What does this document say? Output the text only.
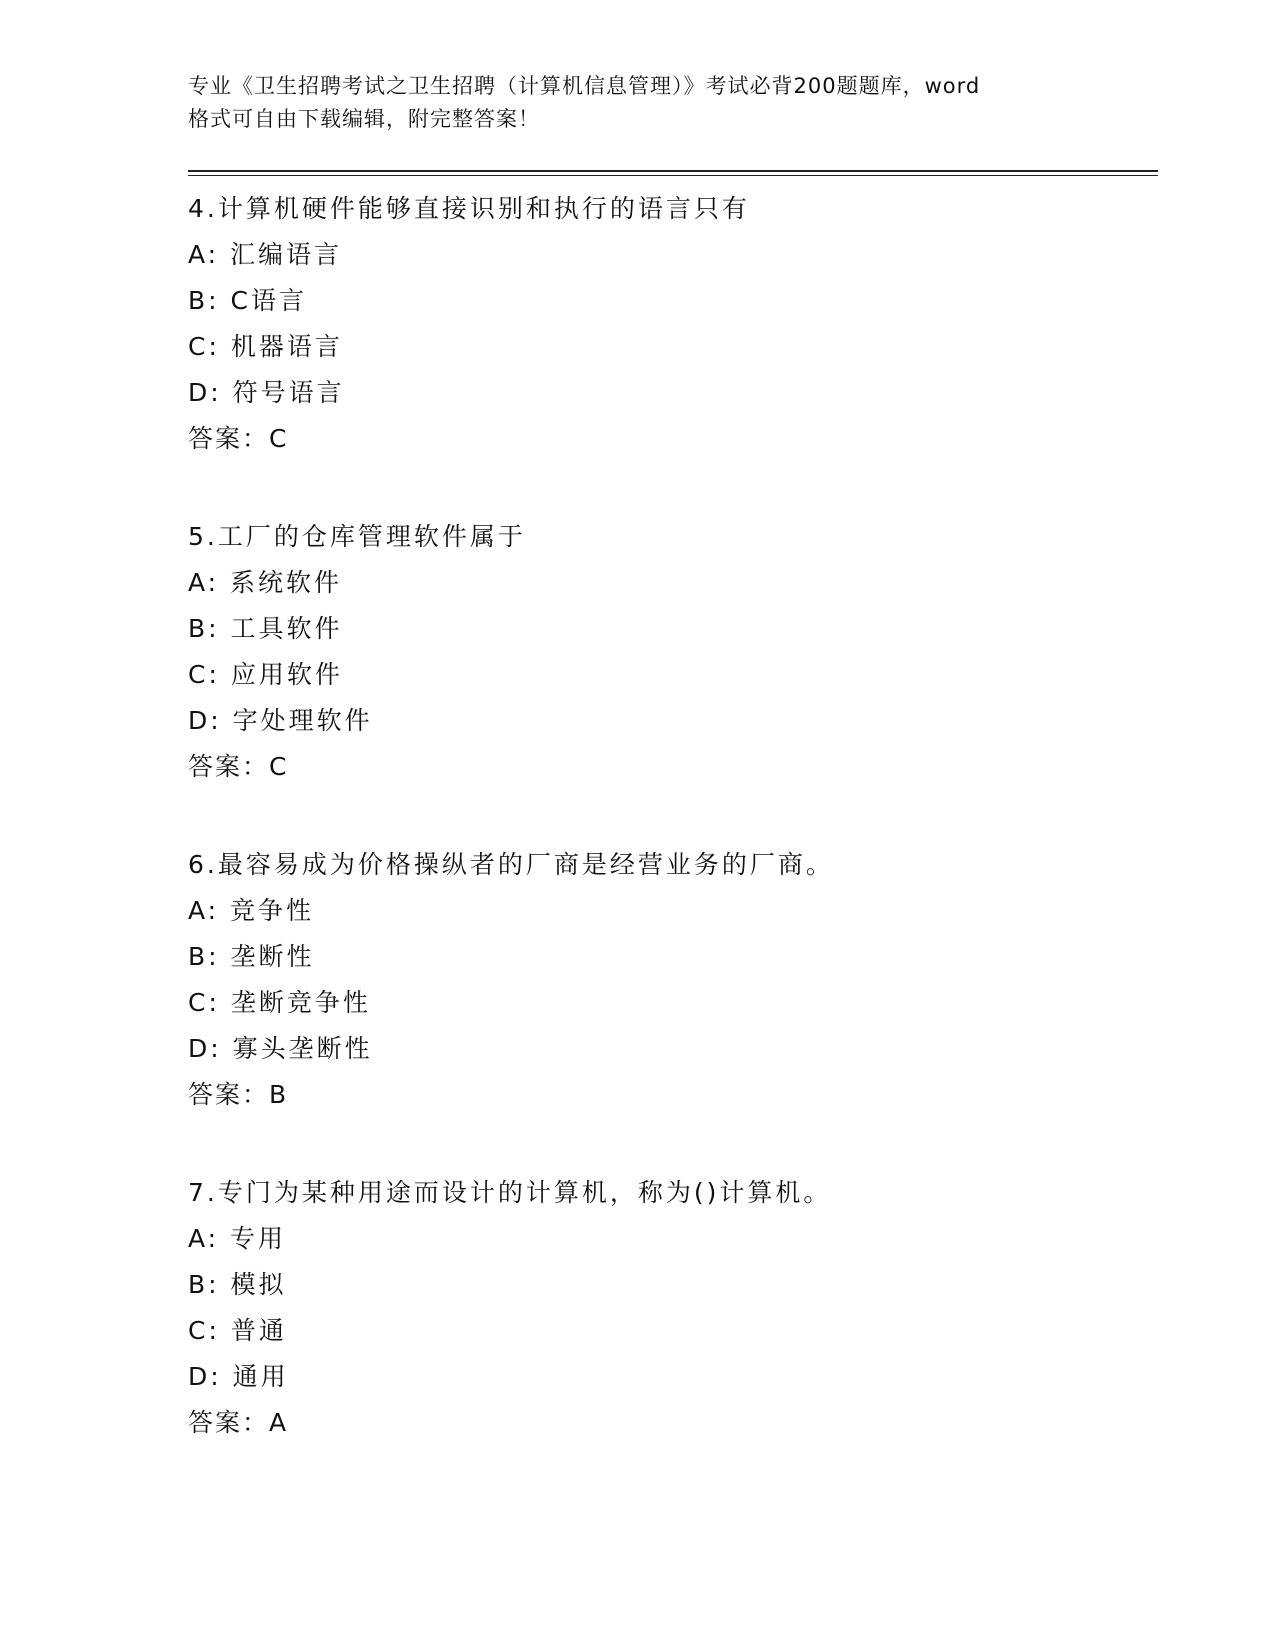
专业《卫生招聘考试之卫生招聘（计算机信息管理）》考试必背200题题库，word
格式可自由下载编辑，附完整答案！
4.计算机硬件能够直接识别和执行的语言只有
A: 汇编语言
B: C语言
C: 机器语言
D: 符号语言
答案：C
5.工厂的仓库管理软件属于
A: 系统软件
B: 工具软件
C: 应用软件
D: 字处理软件
答案：C
6.最容易成为价格操纵者的厂商是经营业务的厂商。
A: 竞争性
B: 垄断性
C: 垄断竞争性
D: 寡头垄断性
答案：B
7.专门为某种用途而设计的计算机，称为()计算机。
A: 专用
B: 模拟
C: 普通
D: 通用
答案：A
